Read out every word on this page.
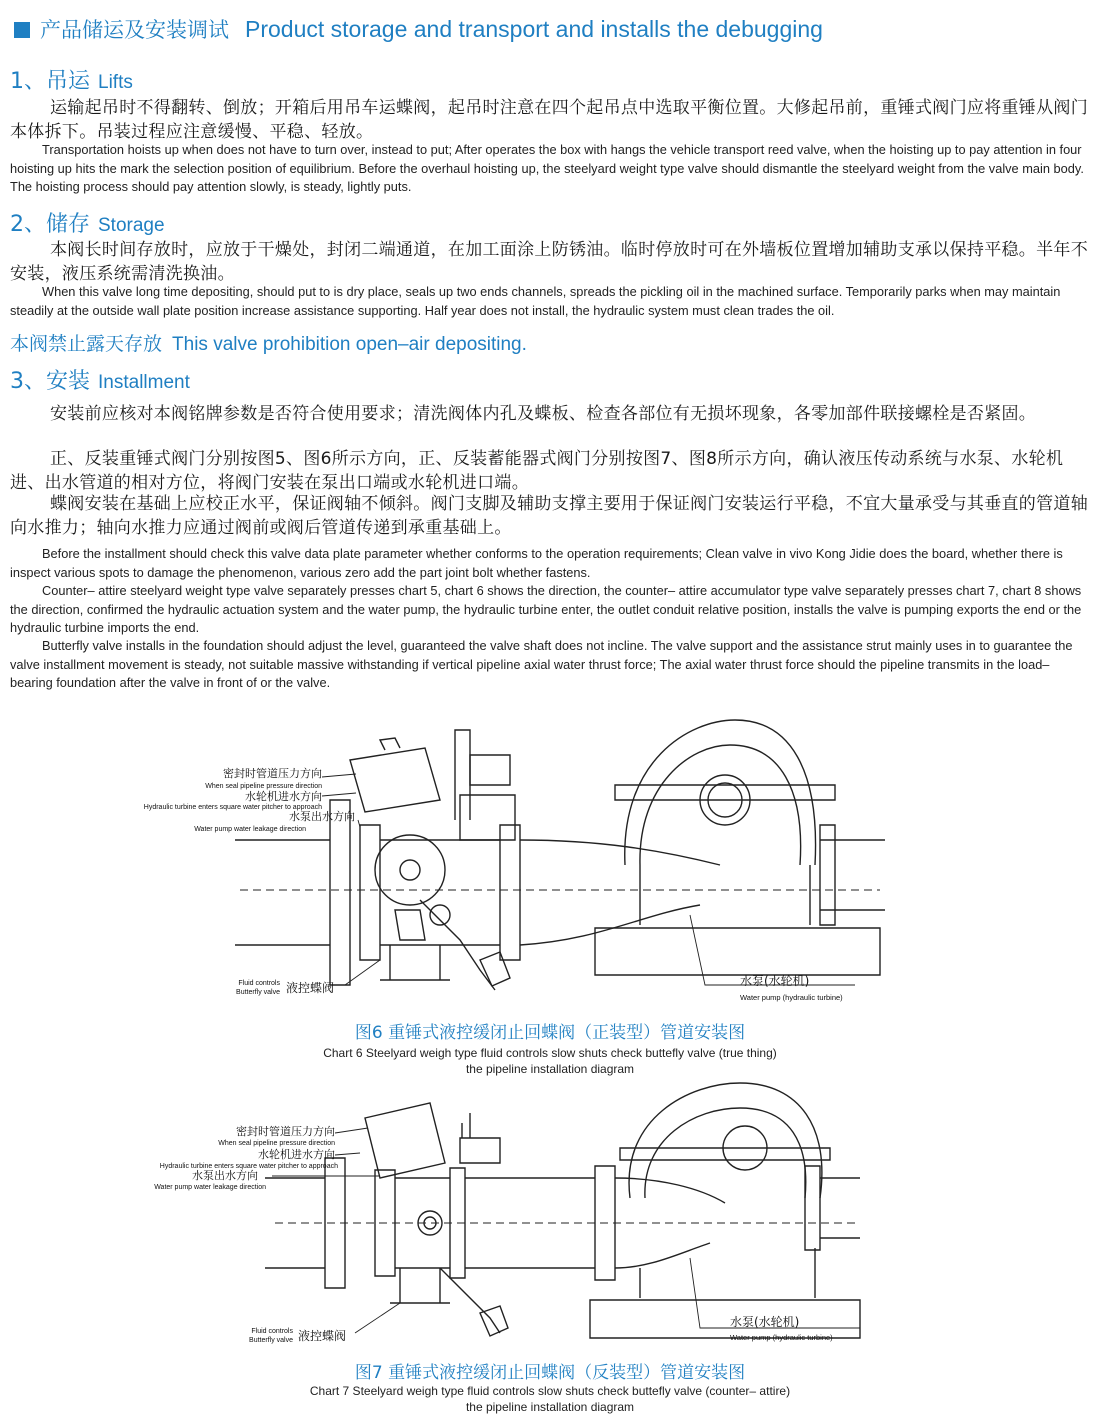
产品储运及安装调试 Product storage and transport and installs the debugging
1、吊运 Lifts

运输起吊时不得翻转、倒放；开箱后用吊车运蝶阀，起吊时注意在四个起吊点中选取平衡位置。大修起吊前，重锤式阀门应将重锤从阀门本体拆下。吊装过程应注意缓慢、平稳、轻放。

Transportation hoists up when does not have to turn over, instead to put; After operates the box with hangs the vehicle transport reed valve, when the hoisting up to pay attention in four hoisting up hits the mark the selection position of equilibrium. Before the overhaul hoisting up, the steelyard weight type valve should dismantle the steelyard weight from the valve main body. The hoisting process should pay attention slowly, is steady, lightly puts.

2、储存 Storage

本阀长时间存放时，应放于干燥处，封闭二端通道，在加工面涂上防锈油。临时停放时可在外墙板位置增加辅助支承以保持平稳。半年不安装，液压系统需清洗换油。

When this valve long time depositing, should put to is dry place, seals up two ends channels, spreads the pickling oil in the machined surface. Temporarily parks when may maintain steadily at the outside wall plate position increase assistance supporting. Half year does not install, the hydraulic system must clean trades the oil.

本阀禁止露天存放 This valve prohibition open–air depositing.
3、安装 Installment

安装前应核对本阀铭牌参数是否符合使用要求；清洗阀体内孔及蝶板、检查各部位有无损坏现象，各零加部件联接螺栓是否紧固。

正、反装重锤式阀门分别按图5、图6所示方向，正、反装蓄能器式阀门分别按图7、图8所示方向，确认液压传动系统与水泵、水轮机进、出水管道的相对方位，将阀门安装在泵出口端或水轮机进口端。

蝶阀安装在基础上应校正水平，保证阀轴不倾斜。阀门支脚及辅助支撑主要用于保证阀门安装运行平稳，不宜大量承受与其垂直的管道轴向水推力；轴向水推力应通过阀前或阀后管道传递到承重基础上。

Before the installment should check this valve data plate parameter whether conforms to the operation requirements; Clean valve in vivo Kong Jidie does the board, whether there is inspect various spots to damage the phenomenon, various zero add the part joint bolt whether fastens.

Counter– attire steelyard weight type valve separately presses chart 5, chart 6 shows the direction, the counter– attire accumulator type valve separately presses chart 7, chart 8 shows the direction, confirmed the hydraulic actuation system and the water pump, the hydraulic turbine enter, the outlet conduit relative position, installs the valve is pumping exports the end or the hydraulic turbine imports the end.

Butterfly valve installs in the foundation should adjust the level, guaranteed the valve shaft does not incline. The valve support and the assistance strut mainly uses in to guarantee the valve installment movement is steady, not suitable massive withstanding if vertical pipeline axial water thrust force; The axial water thrust force should the pipeline transmits in the load–bearing foundation after the valve in front of or the valve.

密封时管道压力方向
When seal pipeline pressure direction
水轮机进水方向
Hydraulic turbine enters square water pitcher to approach
水泵出水方向
Water pump water leakage direction
Fluid controls
Butterfly valve 液控蝶阀	水泵(水轮机)
Water pump (hydraulic turbine)

图6 重锤式液控缓闭止回蝶阀（正装型）管道安装图

Chart 6 Steelyard weigh type fluid controls slow shuts check buttefly valve (true thing)

the pipeline installation diagram

密封时管道压力方向
When seal pipeline pressure direction
水轮机进水方向
Hydraulic turbine enters square water pitcher to approach
水泵出水方向
Water pump water leakage direction
Fluid controls
Butterfly valve 液控蝶阀
水泵(水轮机)
Water pump (hydraulic turbine)

图7 重锤式液控缓闭止回蝶阀（反装型）管道安装图

Chart 7 Steelyard weigh type fluid controls slow shuts check buttefly valve (counter– attire)

the pipeline installation diagram
